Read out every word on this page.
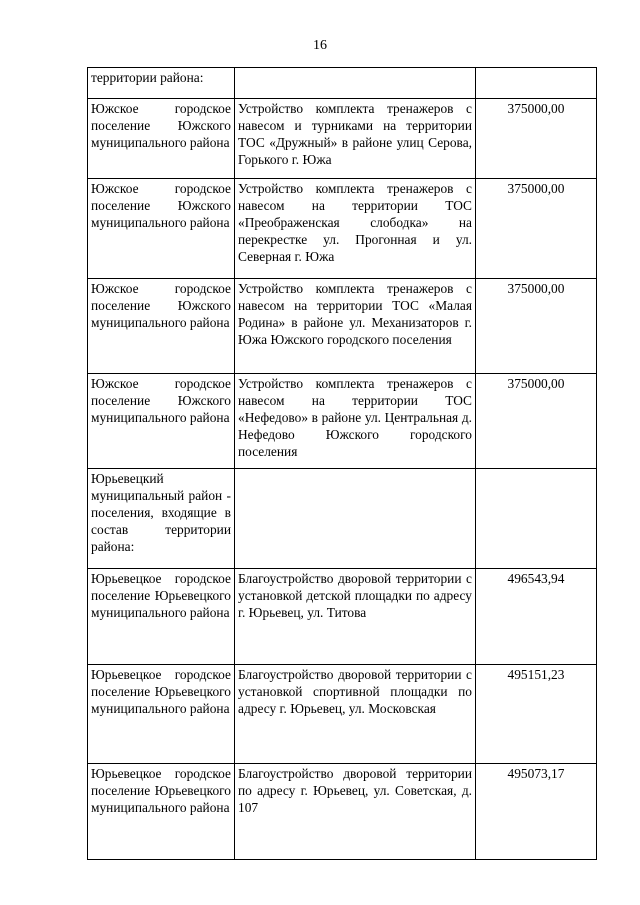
16
территории района:		

Южское городское поселение Южского муниципального района	Устройство комплекта тренажеров с навесом и турниками на территории ТОС «Дружный» в районе улиц Серова, Горького г. Южа	375000,00

Южское городское поселение Южского муниципального района	Устройство комплекта тренажеров с навесом на территории ТОС «Преображенская слободка» на перекрестке ул. Прогонная и ул. Северная г. Южа	375000,00

Южское городское поселение Южского муниципального района	Устройство комплекта тренажеров с навесом на территории ТОС «Малая Родина» в районе ул. Механизаторов г. Южа Южского городского поселения	375000,00

Южское городское поселение Южского муниципального района	Устройство комплекта тренажеров с навесом на территории ТОС «Нефедово» в районе ул. Центральная д. Нефедово Южского городского поселения	375000,00

Юрьевецкий муниципальный район - поселения, входящие в состав территории района:		

Юрьевецкое городское поселение Юрьевецкого муниципального района	Благоустройство дворовой территории с установкой детской площадки по адресу г. Юрьевец, ул. Титова	496543,94

Юрьевецкое городское поселение Юрьевецкого муниципального района	Благоустройство дворовой территории с установкой спортивной площадки по адресу г. Юрьевец, ул. Московская	495151,23

Юрьевецкое городское поселение Юрьевецкого муниципального района	Благоустройство дворовой территории по адресу г. Юрьевец, ул. Советская, д. 107	495073,17
